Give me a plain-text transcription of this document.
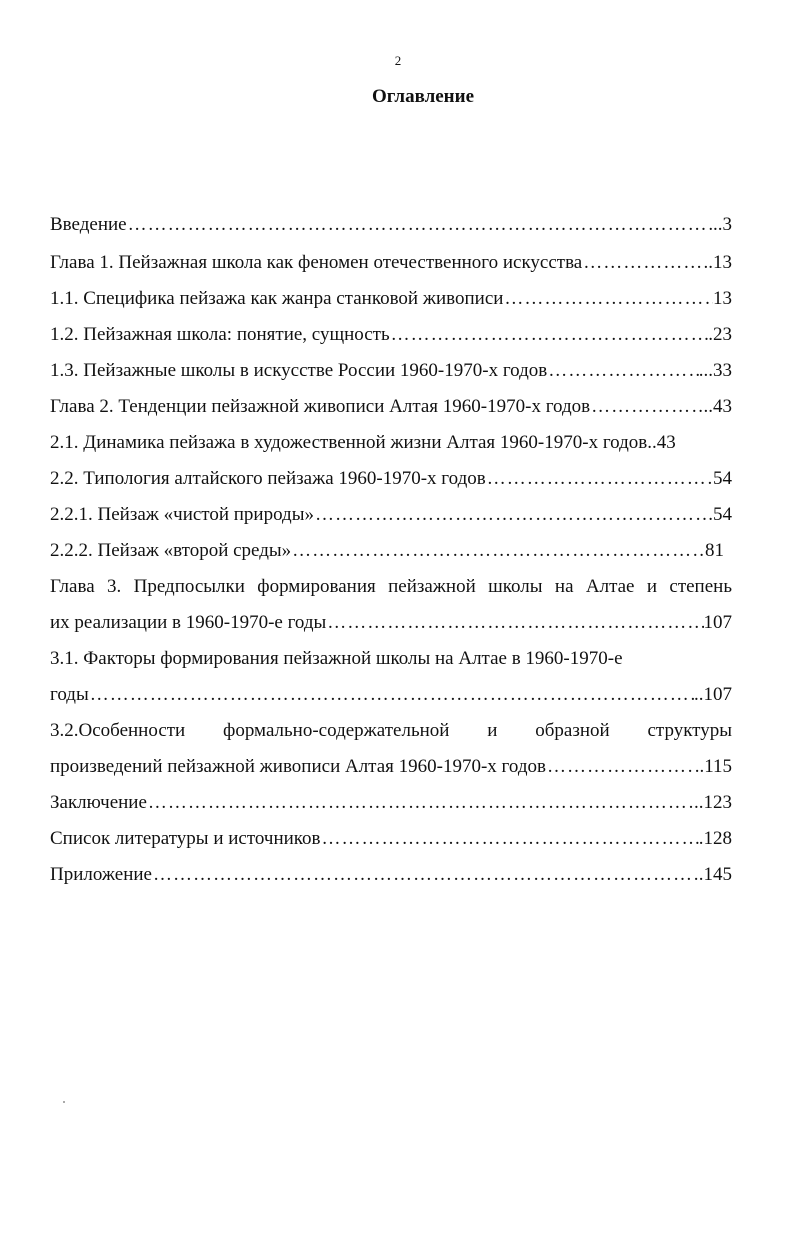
2
Оглавление
Введение ……………………………………………………………………………………………………………………………………………………………………	..3
Глава 1. Пейзажная школа как феномен отечественного искусства ……………………………………………………………………………………………………………………………………………………………………	..13
1.1. Специфика пейзажа как жанра станковой живописи ……………………………………………………………………………………………………………………………………………………………………	13
1.2. Пейзажная школа: понятие, сущность ……………………………………………………………………………………………………………………………………………………………………	.23
1.3. Пейзажные школы в искусстве России 1960-1970-х годов ……………………………………………………………………………………………………………………………………………………………………	...33
Глава 2. Тенденции пейзажной живописи Алтая 1960-1970-х годов ……………………………………………………………………………………………………………………………………………………………………	..43
2.1. Динамика пейзажа в художественной жизни Алтая 1960-1970-х годов.. 43
2.2. Типология алтайского пейзажа 1960-1970-х годов ……………………………………………………………………………………………………………………………………………………………………	54
2.2.1. Пейзаж «чистой природы» ……………………………………………………………………………………………………………………………………………………………………	.54
2.2.2. Пейзаж «второй среды» ……………………………………………………………………………………………………………………………………………………………………	81
Глава 3. Предпосылки формирования пейзажной школы на Алтае и степень
их реализации в 1960-1970-е годы ……………………………………………………………………………………………………………………………………………………………………	107
3.1. Факторы формирования пейзажной школы на Алтае в 1960-1970-е
годы ……………………………………………………………………………………………………………………………………………………………………	..107
3.2.Особенности формально-содержательной и образной структуры
произведений пейзажной живописи Алтая 1960-1970-х годов ……………………………………………………………………………………………………………………………………………………………………	..115
Заключение ……………………………………………………………………………………………………………………………………………………………………	..123
Список литературы и источников ……………………………………………………………………………………………………………………………………………………………………	.128
Приложение ……………………………………………………………………………………………………………………………………………………………………	.145
